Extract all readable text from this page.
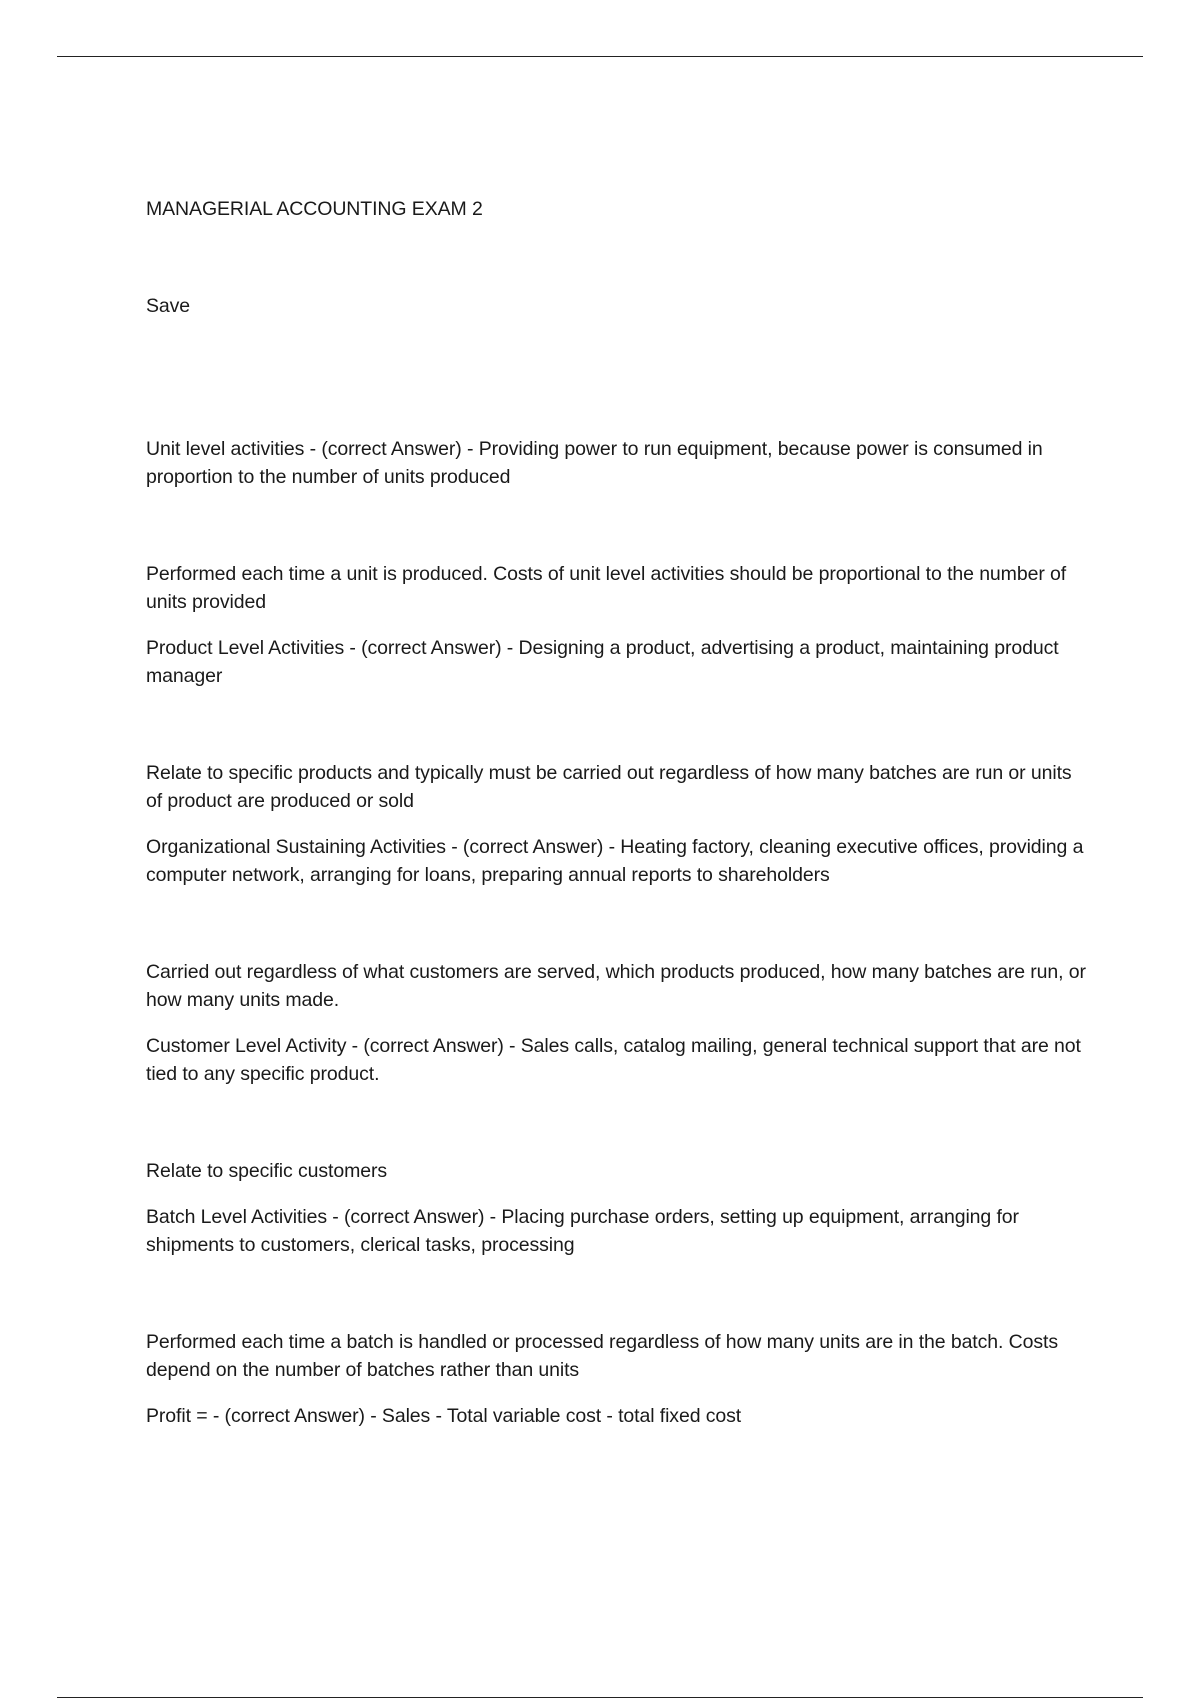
MANAGERIAL ACCOUNTING EXAM 2
Save

Unit level activities - (correct Answer) - Providing power to run equipment, because power is consumed in proportion to the number of units produced

Performed each time a unit is produced. Costs of unit level activities should be proportional to the number of units provided

Product Level Activities - (correct Answer) - Designing a product, advertising a product, maintaining product manager

Relate to specific products and typically must be carried out regardless of how many batches are run or units of product are produced or sold

Organizational Sustaining Activities - (correct Answer) - Heating factory, cleaning executive offices, providing a computer network, arranging for loans, preparing annual reports to shareholders

Carried out regardless of what customers are served, which products produced, how many batches are run, or how many units made.

Customer Level Activity - (correct Answer) - Sales calls, catalog mailing, general technical support that are not tied to any specific product.

Relate to specific customers

Batch Level Activities - (correct Answer) - Placing purchase orders, setting up equipment, arranging for shipments to customers, clerical tasks, processing

Performed each time a batch is handled or processed regardless of how many units are in the batch. Costs depend on the number of batches rather than units

Profit = - (correct Answer) - Sales - Total variable cost - total fixed cost
